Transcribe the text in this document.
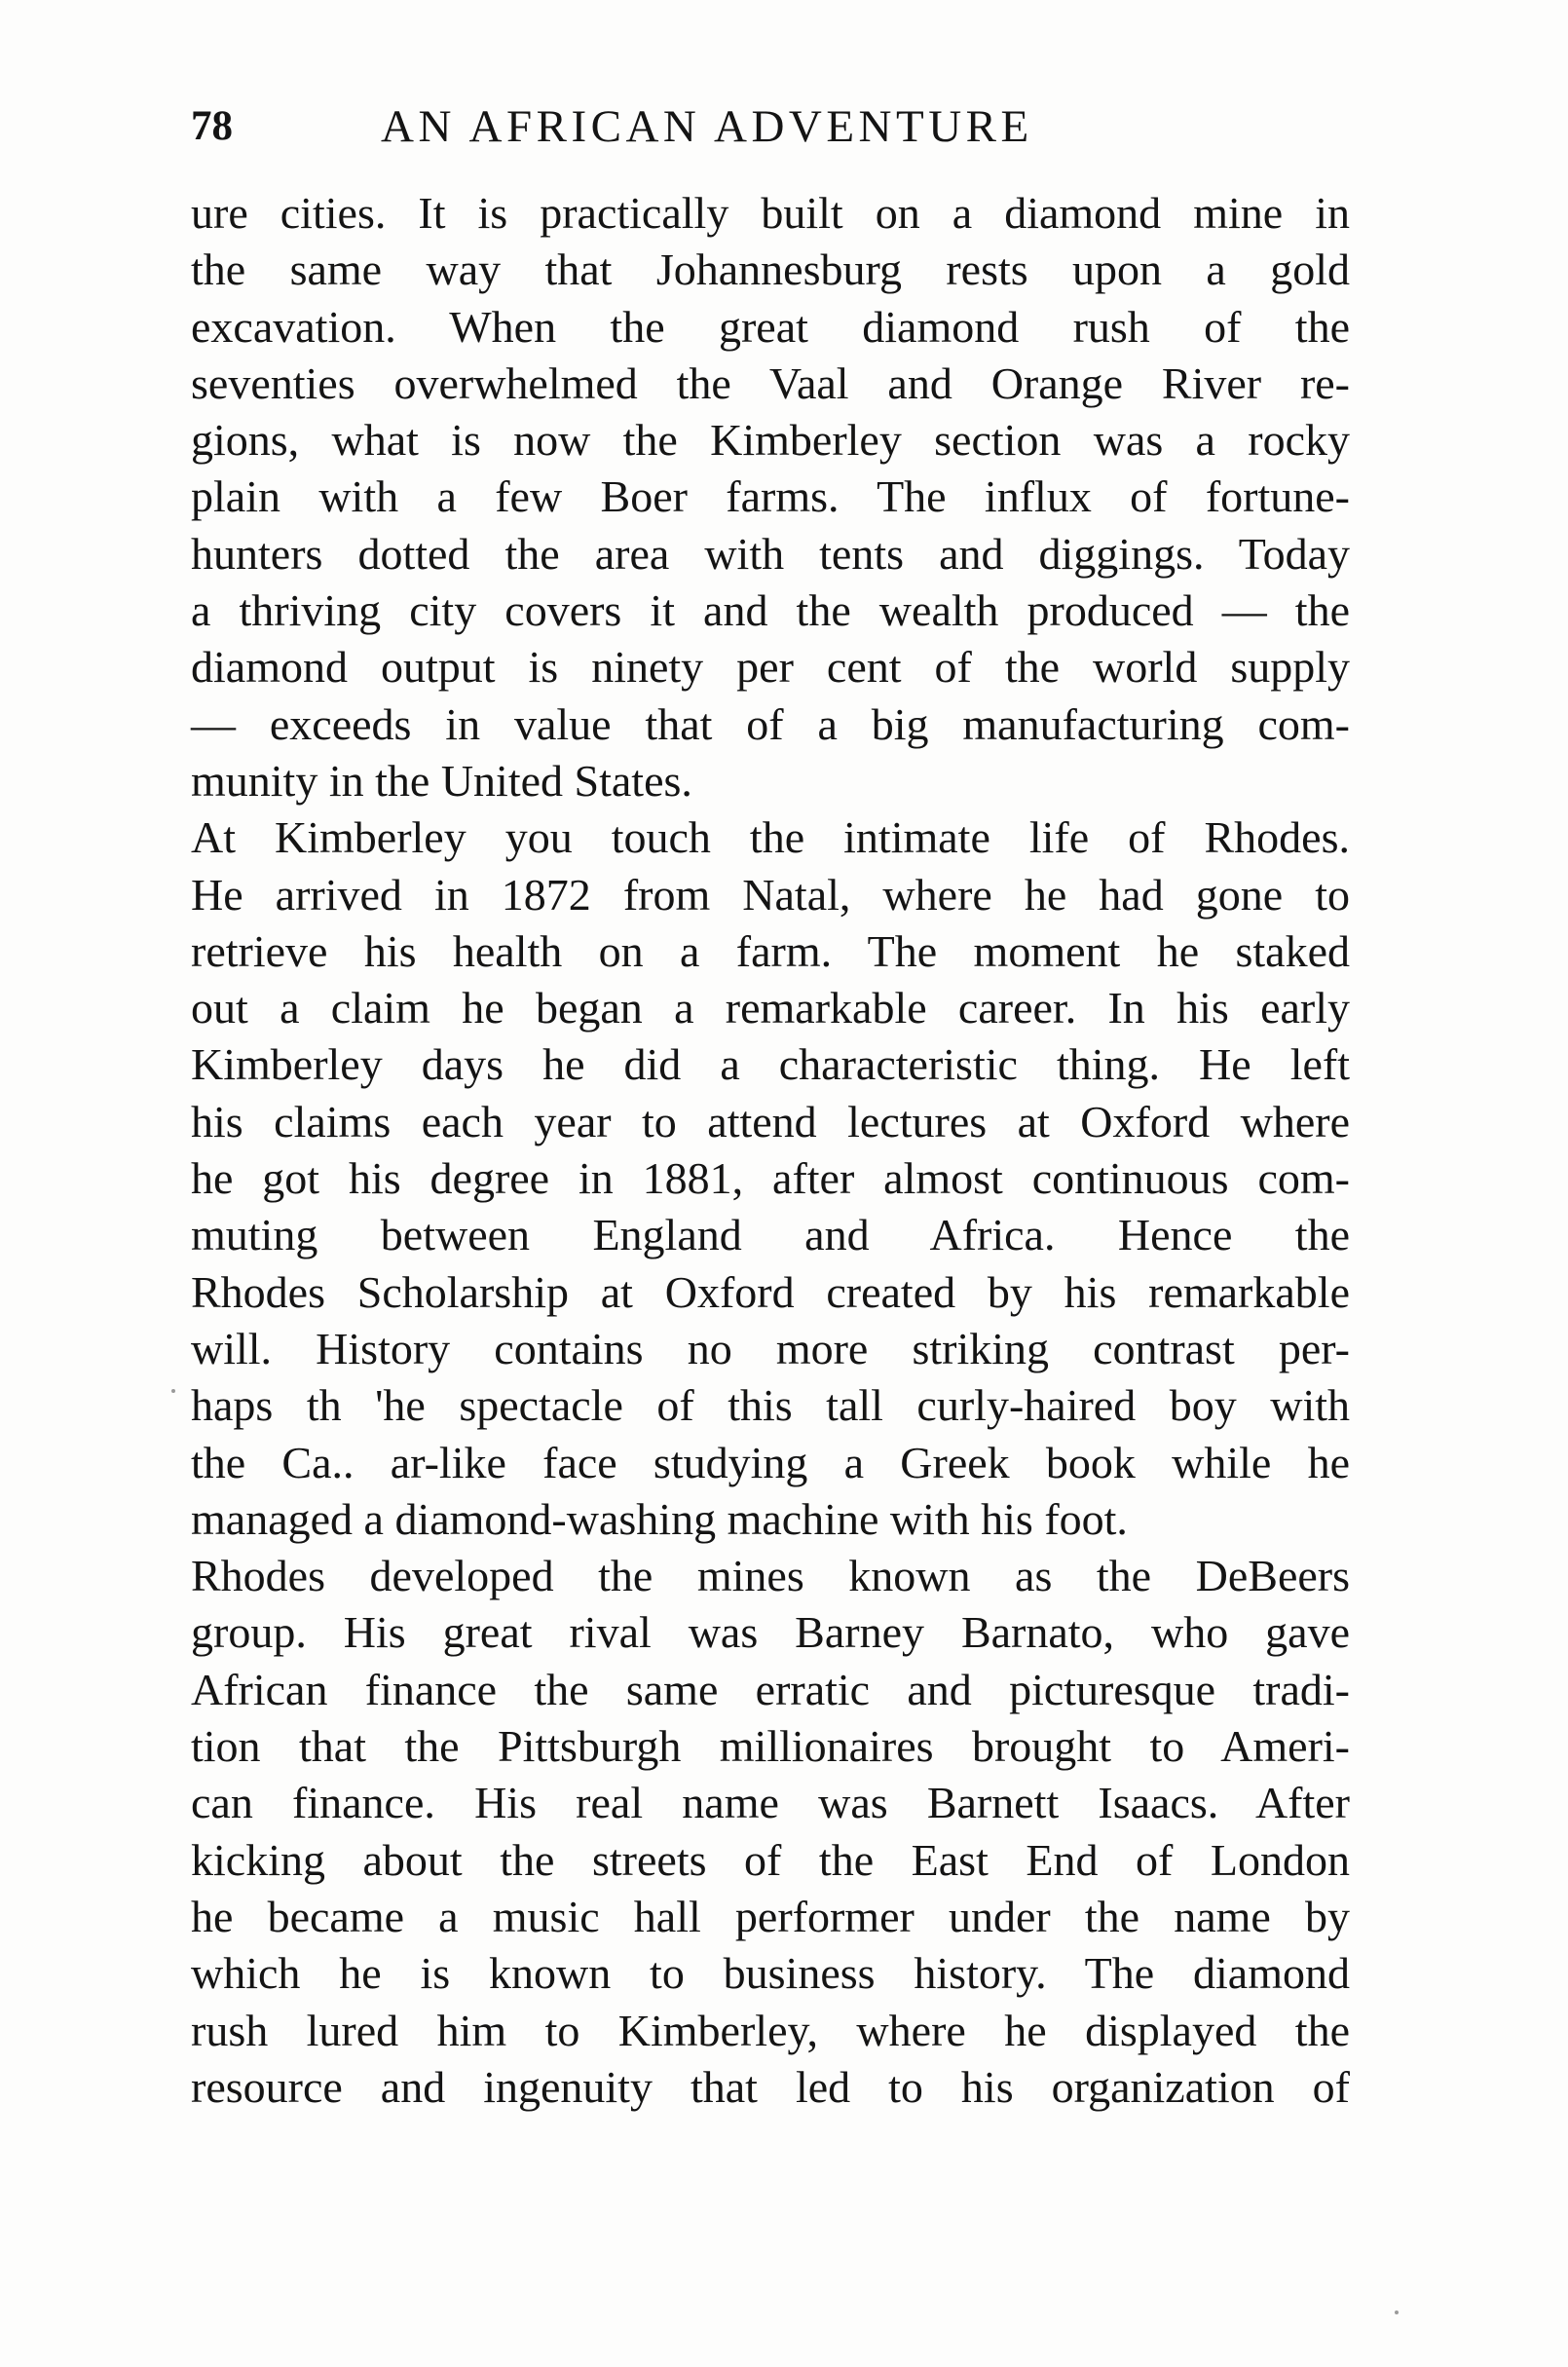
78	AN AFRICAN ADVENTURE
ure cities. It is practically built on a diamond mine in
the same way that Johannesburg rests upon a gold
excavation. When the great diamond rush of the
seventies overwhelmed the Vaal and Orange River re-
gions, what is now the Kimberley section was a rocky
plain with a few Boer farms. The influx of fortune-
hunters dotted the area with tents and diggings. Today
a thriving city covers it and the wealth produced — the
diamond output is ninety per cent of the world supply
— exceeds in value that of a big manufacturing com-
munity in the United States.
At Kimberley you touch the intimate life of Rhodes.
He arrived in 1872 from Natal, where he had gone to
retrieve his health on a farm. The moment he staked
out a claim he began a remarkable career. In his early
Kimberley days he did a characteristic thing. He left
his claims each year to attend lectures at Oxford where
he got his degree in 1881, after almost continuous com-
muting between England and Africa. Hence the
Rhodes Scholarship at Oxford created by his remarkable
will. History contains no more striking contrast per-
haps th 'he spectacle of this tall curly-haired boy with
the Ca.. ar-like face studying a Greek book while he
managed a diamond-washing machine with his foot.
Rhodes developed the mines known as the DeBeers
group. His great rival was Barney Barnato, who gave
African finance the same erratic and picturesque tradi-
tion that the Pittsburgh millionaires brought to Ameri-
can finance. His real name was Barnett Isaacs. After
kicking about the streets of the East End of London
he became a music hall performer under the name by
which he is known to business history. The diamond
rush lured him to Kimberley, where he displayed the
resource and ingenuity that led to his organization of
